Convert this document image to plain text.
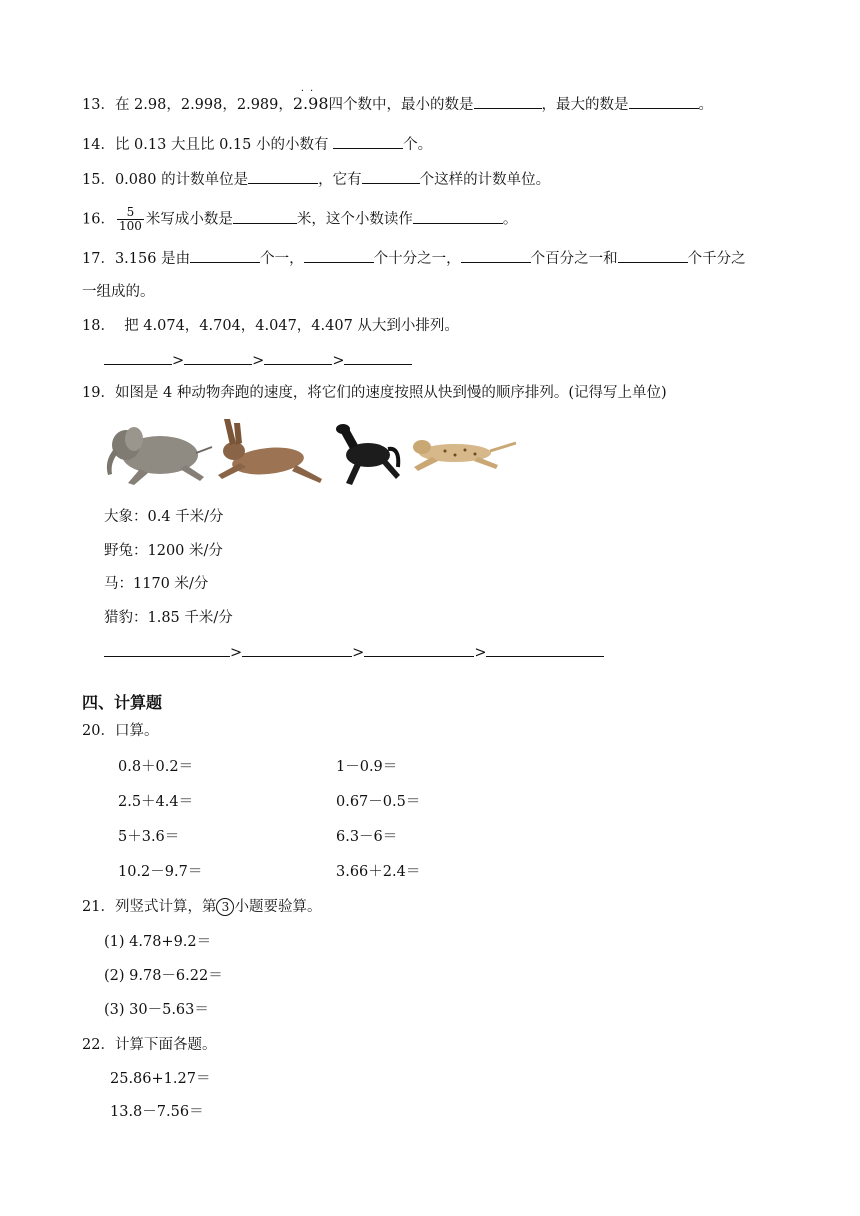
13．在 2.98，2.998，2.989，
··
2.98四个数中，最小的数是	，最大的数是	。
14．比 0.13 大且比 0.15 小的小数有	个。
15．0.080 的计数单位是	，它有	个这样的计数单位。
16． $\frac{5}{100}$ 米写成小数是	米，这个小数读作	。
17．3.156 是由	个一，	个十分之一，	个百分之一和	个千分之
一组成的。
18． 把 4.074，4.704，4.047，4.407 从大到小排列。
>	>	>
19．如图是 4 种动物奔跑的速度，将它们的速度按照从快到慢的顺序排列。(记得写上单位)
大象：0.4 千米/分
野兔：1200 米/分
马：1170 米/分
猎豹：1.85 千米/分
>	>	>
四、计算题
20．口算。
0.8＋0.2＝	1－0.9＝
2.5＋4.4＝	0.67－0.5＝
5＋3.6＝	6.3－6＝
10.2－9.7＝	3.66＋2.4＝
21．列竖式计算，第 3 小题要验算。
(1) 4.78+9.2＝
(2) 9.78－6.22＝
(3) 30－5.63＝
22．计算下面各题。
25.86+1.27＝
13.8－7.56＝
